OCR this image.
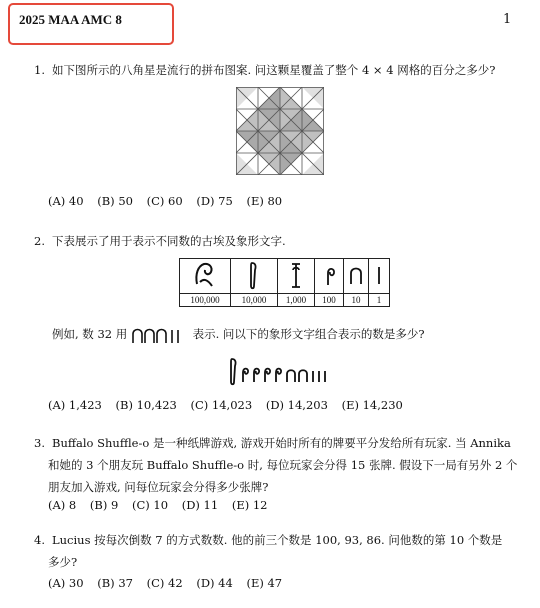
2025 MAA AMC 8	1
1. 如下图所示的八角星是流行的拼布图案. 问这颗星覆盖了整个 4 × 4 网格的百分之多少?
(A) 40 (B) 50 (C) 60 (D) 75 (E) 80
2. 下表展示了用于表示不同数的古埃及象形文字.

100,000	10,000	1,000	100	10	1
例如, 数 32 用	表示. 问以下的象形文字组合表示的数是多少?
(A) 1,423 (B) 10,423 (C) 14,023 (D) 14,203 (E) 14,230
3. Buffalo Shuffle-o 是一种纸牌游戏, 游戏开始时所有的牌要平分发给所有玩家. 当 Annika
和她的 3 个朋友玩 Buffalo Shuffle-o 时, 每位玩家会分得 15 张牌. 假设下一局有另外 2 个
朋友加入游戏, 问每位玩家会分得多少张牌?
(A) 8 (B) 9 (C) 10 (D) 11 (E) 12
4. Lucius 按每次倒数 7 的方式数数. 他的前三个数是 100, 93, 86. 问他数的第 10 个数是
多少?
(A) 30 (B) 37 (C) 42 (D) 44 (E) 47
